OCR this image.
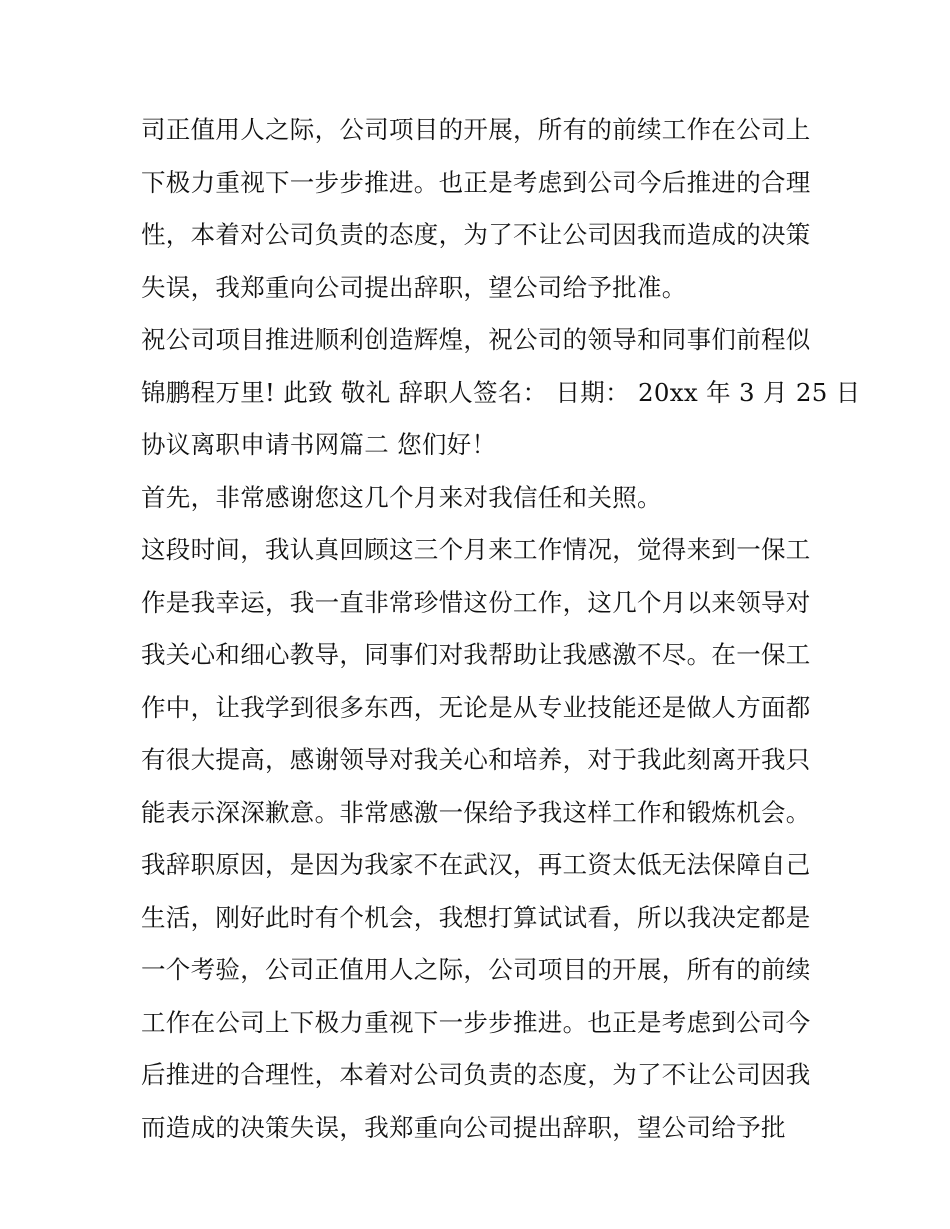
司正值用人之际，公司项目的开展，所有的前续工作在公司上
下极力重视下一步步推进。也正是考虑到公司今后推进的合理
性，本着对公司负责的态度，为了不让公司因我而造成的决策
失误，我郑重向公司提出辞职，望公司给予批准。
祝公司项目推进顺利创造辉煌，祝公司的领导和同事们前程似
锦鹏程万里! 此致 敬礼 辞职人签名： 日期： 20xx 年 3 月 25 日
协议离职申请书网篇二 您们好！
首先，非常感谢您这几个月来对我信任和关照。
这段时间，我认真回顾这三个月来工作情况，觉得来到一保工
作是我幸运，我一直非常珍惜这份工作，这几个月以来领导对
我关心和细心教导，同事们对我帮助让我感激不尽。在一保工
作中，让我学到很多东西，无论是从专业技能还是做人方面都
有很大提高，感谢领导对我关心和培养，对于我此刻离开我只
能表示深深歉意。非常感激一保给予我这样工作和锻炼机会。
我辞职原因，是因为我家不在武汉，再工资太低无法保障自己
生活，刚好此时有个机会，我想打算试试看，所以我决定都是
一个考验，公司正值用人之际，公司项目的开展，所有的前续
工作在公司上下极力重视下一步步推进。也正是考虑到公司今
后推进的合理性，本着对公司负责的态度，为了不让公司因我
而造成的决策失误，我郑重向公司提出辞职，望公司给予批
